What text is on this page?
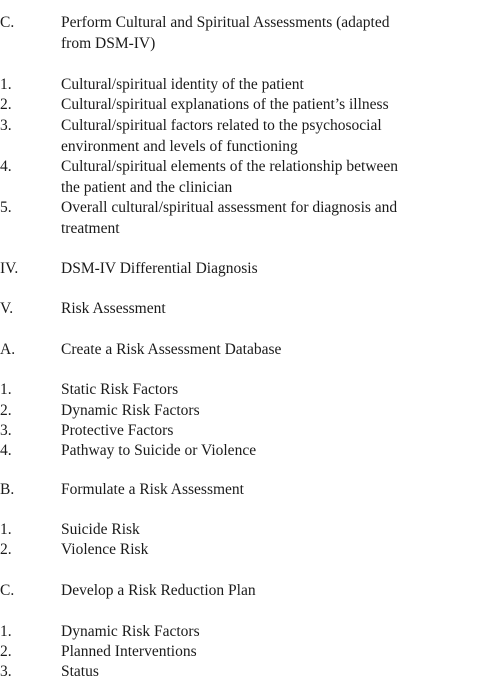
C.	Perform Cultural and Spiritual Assessments (adapted
from DSM-IV)
1.	Cultural/spiritual identity of the patient
2.	Cultural/spiritual explanations of the patient’s illness
3.	Cultural/spiritual factors related to the psychosocial
environment and levels of functioning
4.	Cultural/spiritual elements of the relationship between
the patient and the clinician
5.	Overall cultural/spiritual assessment for diagnosis and
treatment
IV.	DSM-IV Differential Diagnosis
V.	Risk Assessment
A.	Create a Risk Assessment Database
1.	Static Risk Factors
2.	Dynamic Risk Factors
3.	Protective Factors
4.	Pathway to Suicide or Violence
B.	Formulate a Risk Assessment
1.	Suicide Risk
2.	Violence Risk
C.	Develop a Risk Reduction Plan
1.	Dynamic Risk Factors
2.	Planned Interventions
3.	Status
